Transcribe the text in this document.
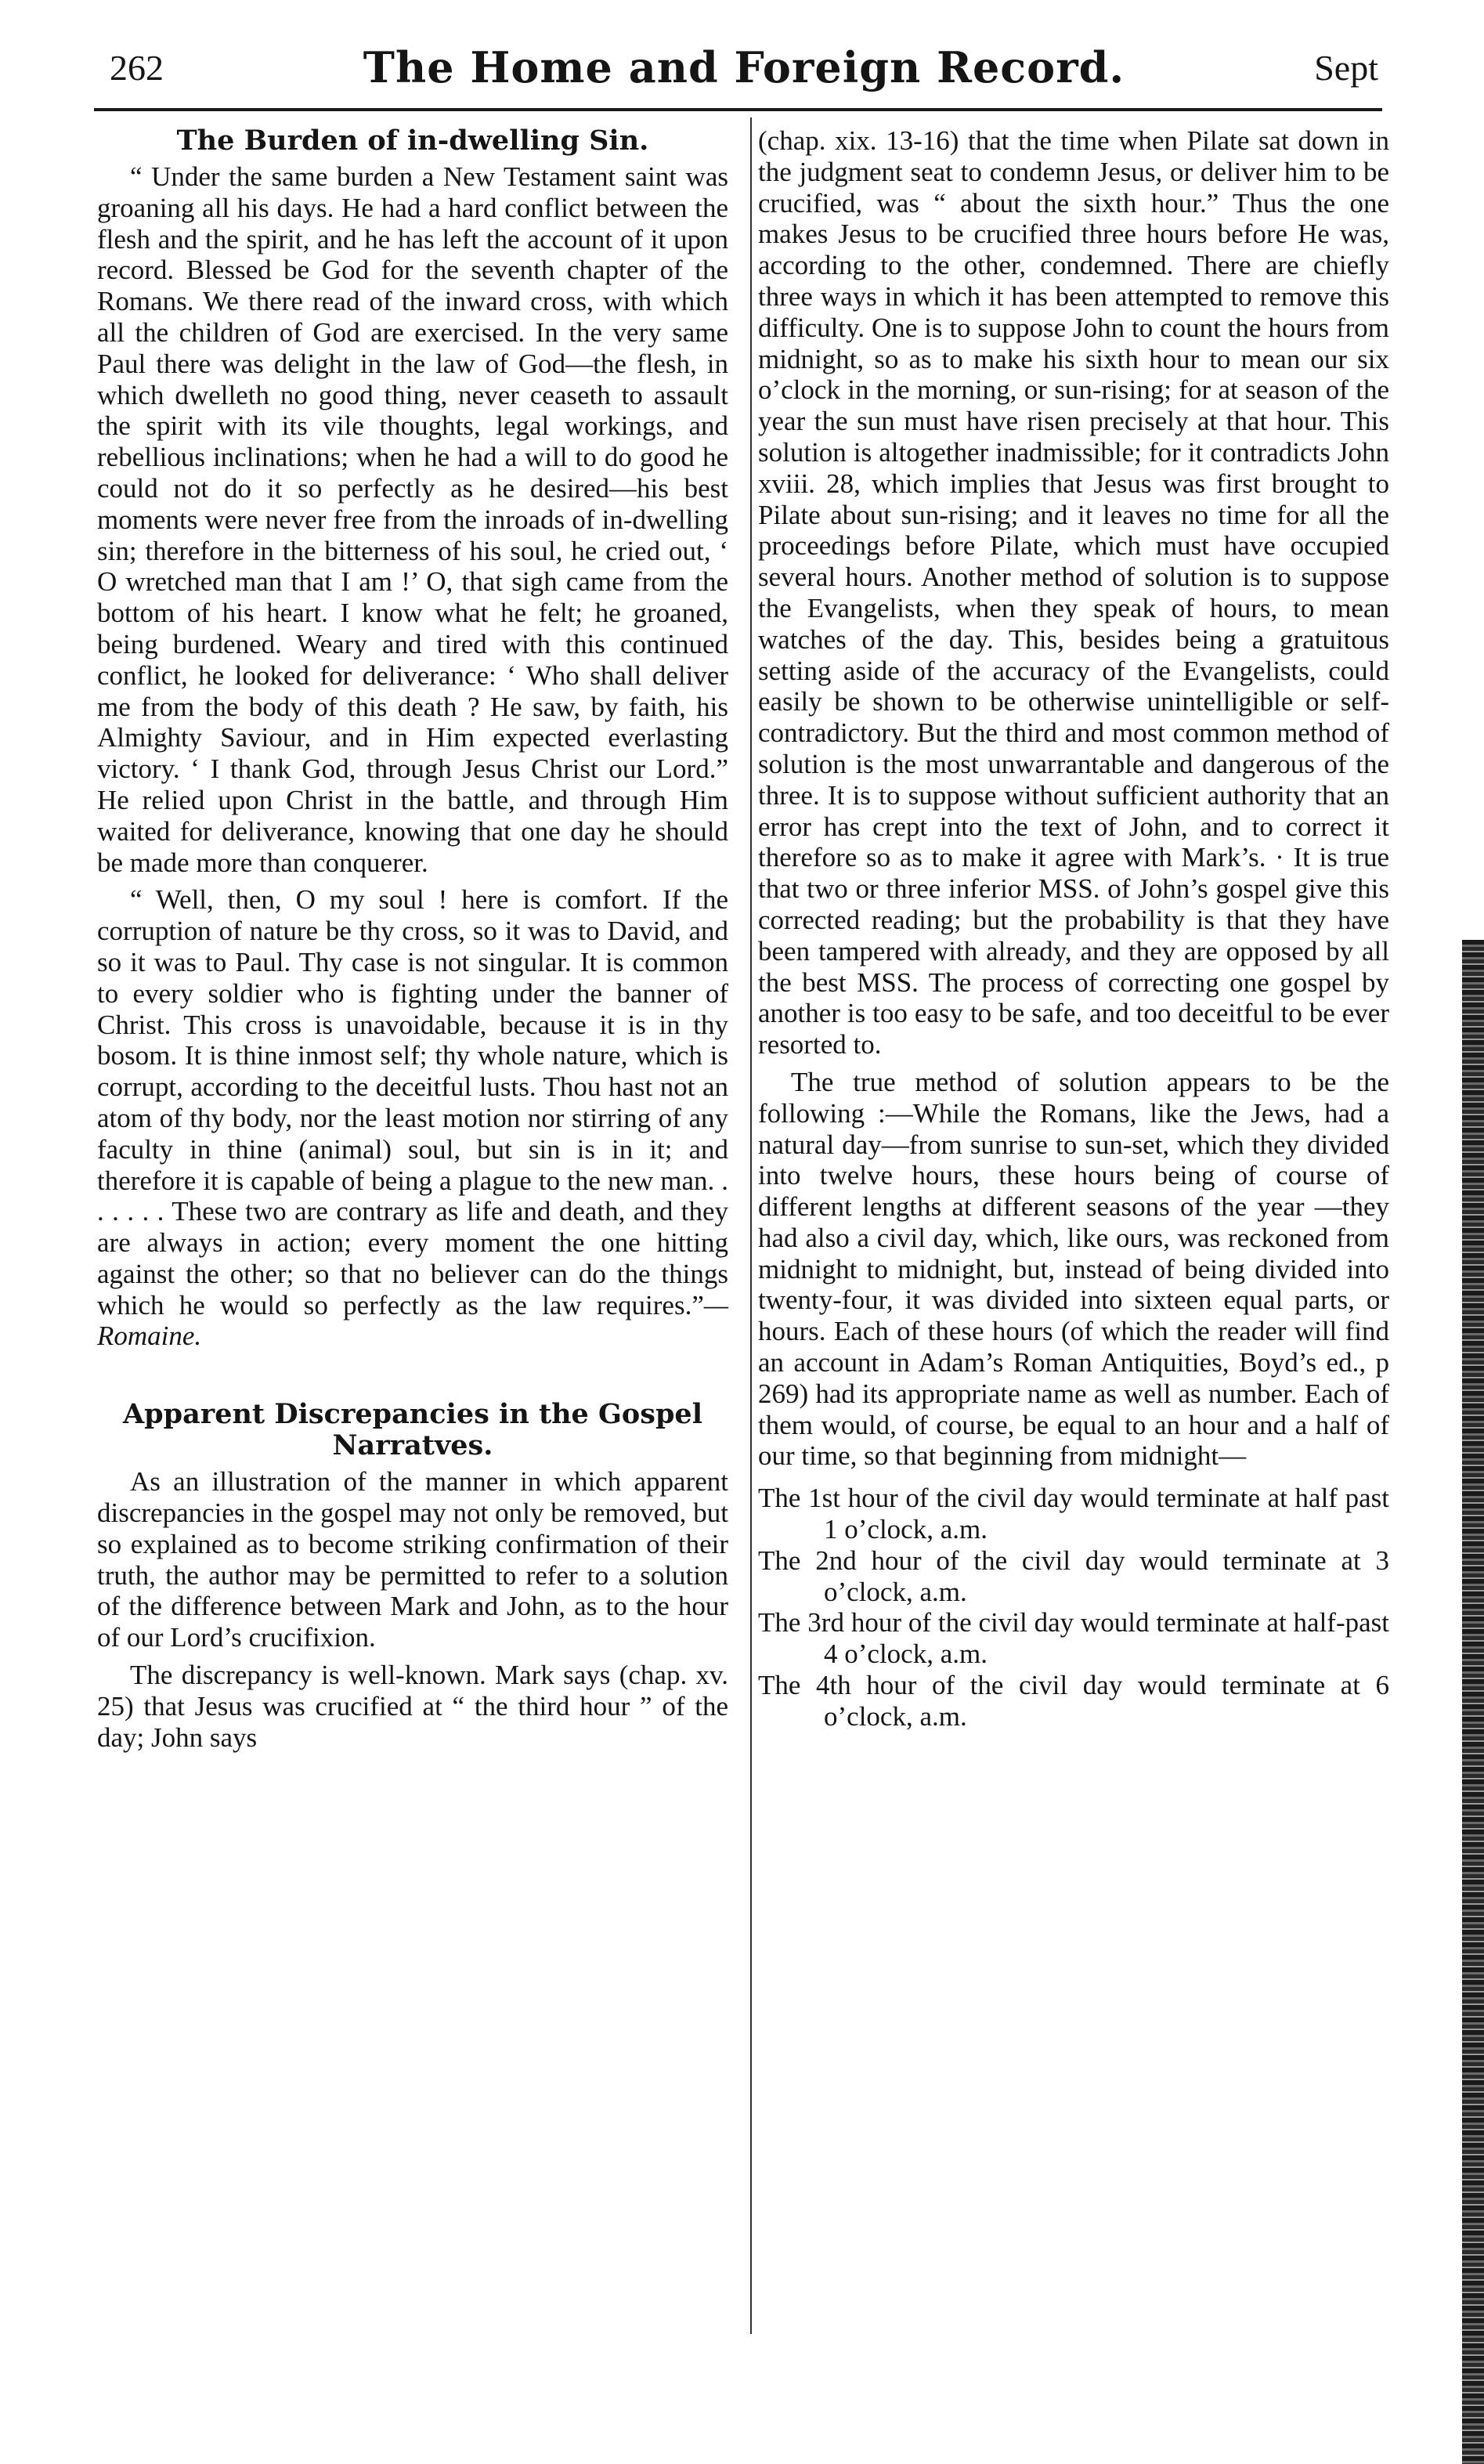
262	The Home and Foreign Record.	Sept
The Burden of in-dwelling Sin.

“ Under the same burden a New Testament saint was groaning all his days. He had a hard conflict between the flesh and the spirit, and he has left the account of it upon record. Blessed be God for the seventh chapter of the Romans. We there read of the inward cross, with which all the children of God are exercised. In the very same Paul there was delight in the law of God—the flesh, in which dwelleth no good thing, never ceaseth to assault the spirit with its vile thoughts, legal workings, and rebellious inclinations; when he had a will to do good he could not do it so perfectly as he desired—his best moments were never free from the inroads of in-dwelling sin; therefore in the bitterness of his soul, he cried out, ‘ O wretched man that I am !’ O, that sigh came from the bottom of his heart. I know what he felt; he groaned, being burdened. Weary and tired with this continued conflict, he looked for deliverance: ‘ Who shall deliver me from the body of this death ? He saw, by faith, his Almighty Saviour, and in Him expected everlasting victory. ‘ I thank God, through Jesus Christ our Lord.” He relied upon Christ in the battle, and through Him waited for deliverance, knowing that one day he should be made more than conquerer.

“ Well, then, O my soul ! here is comfort. If the corruption of nature be thy cross, so it was to David, and so it was to Paul. Thy case is not singular. It is common to every soldier who is fighting under the banner of Christ. This cross is unavoidable, because it is in thy bosom. It is thine inmost self; thy whole nature, which is corrupt, according to the deceitful lusts. Thou hast not an atom of thy body, nor the least motion nor stirring of any faculty in thine (animal) soul, but sin is in it; and therefore it is capable of being a plague to the new man. . . . . . . These two are contrary as life and death, and they are always in action; every moment the one hitting against the other; so that no believer can do the things which he would so perfectly as the law requires.”—Romaine.

Apparent Discrepancies in the Gospel Narratves.

As an illustration of the manner in which apparent discrepancies in the gospel may not only be removed, but so explained as to become striking confirmation of their truth, the author may be permitted to refer to a solution of the difference between Mark and John, as to the hour of our Lord’s crucifixion.

The discrepancy is well-known. Mark says (chap. xv. 25) that Jesus was crucified at “ the third hour ” of the day; John says

(chap. xix. 13-16) that the time when Pilate sat down in the judgment seat to condemn Jesus, or deliver him to be crucified, was “ about the sixth hour.” Thus the one makes Jesus to be crucified three hours before He was, according to the other, condemned. There are chiefly three ways in which it has been attempted to remove this difficulty. One is to suppose John to count the hours from midnight, so as to make his sixth hour to mean our six o’clock in the morning, or sun-rising; for at season of the year the sun must have risen precisely at that hour. This solution is altogether inadmissible; for it contradicts John xviii. 28, which implies that Jesus was first brought to Pilate about sun-rising; and it leaves no time for all the proceedings before Pilate, which must have occupied several hours. Another method of solution is to suppose the Evangelists, when they speak of hours, to mean watches of the day. This, besides being a gratuitous setting aside of the accuracy of the Evangelists, could easily be shown to be otherwise unintelligible or self-contradictory. But the third and most common method of solution is the most unwarrantable and dangerous of the three. It is to suppose without sufficient authority that an error has crept into the text of John, and to correct it therefore so as to make it agree with Mark’s. · It is true that two or three inferior MSS. of John’s gospel give this corrected reading; but the probability is that they have been tampered with already, and they are opposed by all the best MSS. The process of correcting one gospel by another is too easy to be safe, and too deceitful to be ever resorted to.

The true method of solution appears to be the following :—While the Romans, like the Jews, had a natural day—from sunrise to sun-set, which they divided into twelve hours, these hours being of course of different lengths at different seasons of the year —they had also a civil day, which, like ours, was reckoned from midnight to midnight, but, instead of being divided into twenty-four, it was divided into sixteen equal parts, or hours. Each of these hours (of which the reader will find an account in Adam’s Roman Antiquities, Boyd’s ed., p 269) had its appropriate name as well as number. Each of them would, of course, be equal to an hour and a half of our time, so that beginning from midnight—

The 1st hour of the civil day would terminate at half past 1 o’clock, a.m.
The 2nd hour of the civil day would terminate at 3 o’clock, a.m.
The 3rd hour of the civil day would terminate at half-past 4 o’clock, a.m.
The 4th hour of the civil day would terminate at 6 o’clock, a.m.
